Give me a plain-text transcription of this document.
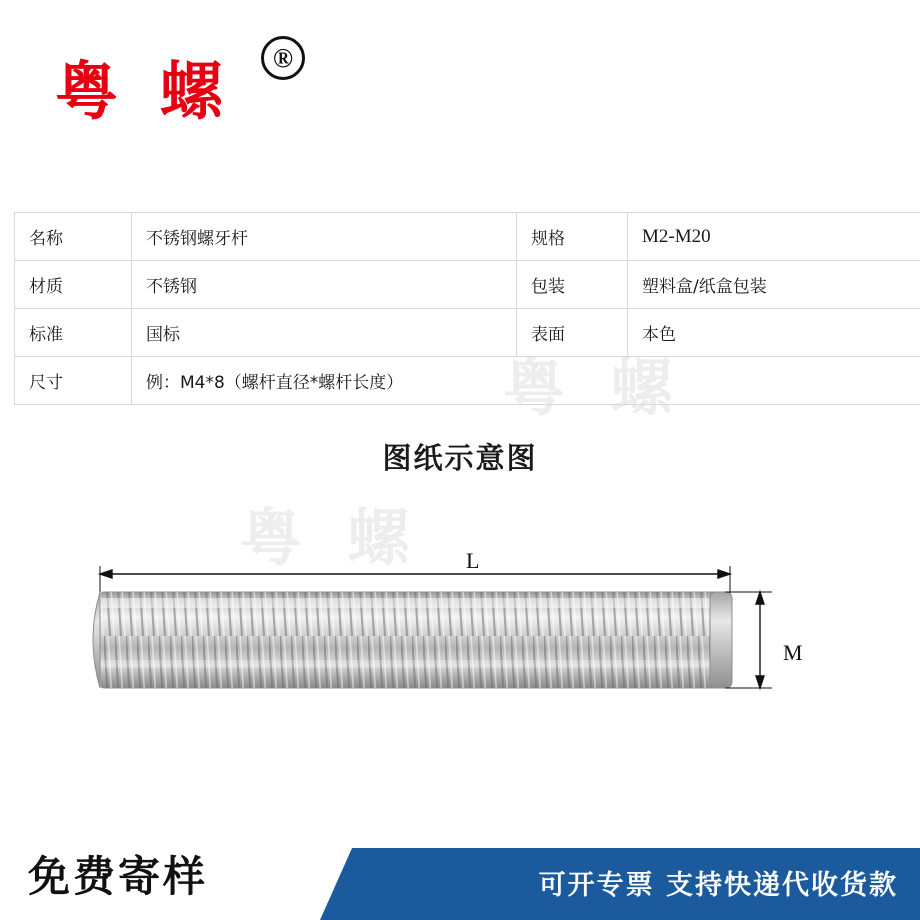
粤 螺	®
粤 螺
粤 螺
名称	不锈钢螺牙杆	规格	M2-M20
材质	不锈钢	包装	塑料盒/纸盒包装
标准	国标	表面	本色
尺寸	例：M4*8（螺杆直径*螺杆长度）		
图纸示意图
L
M
免费寄样	可开专票 支持快递代收货款
